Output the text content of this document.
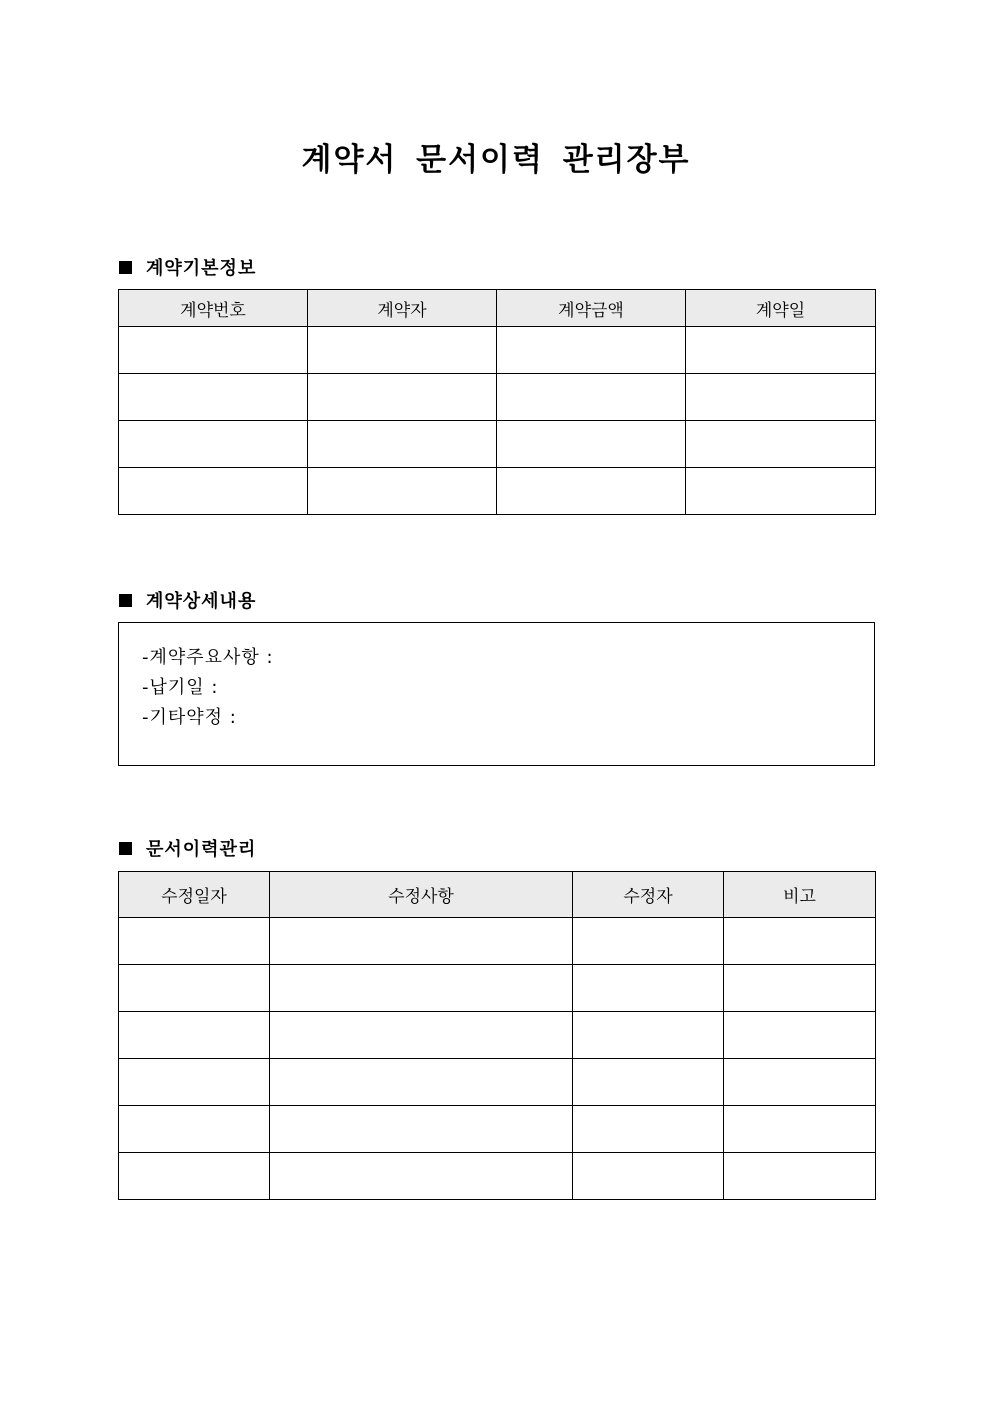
계약서 문서이력 관리장부
계약기본정보
계약번호	계약자	계약금액	계약일

계약상세내용
-계약주요사항 :
-납기일 :
-기타약정 :
문서이력관리
수정일자	수정사항	수정자	비고
